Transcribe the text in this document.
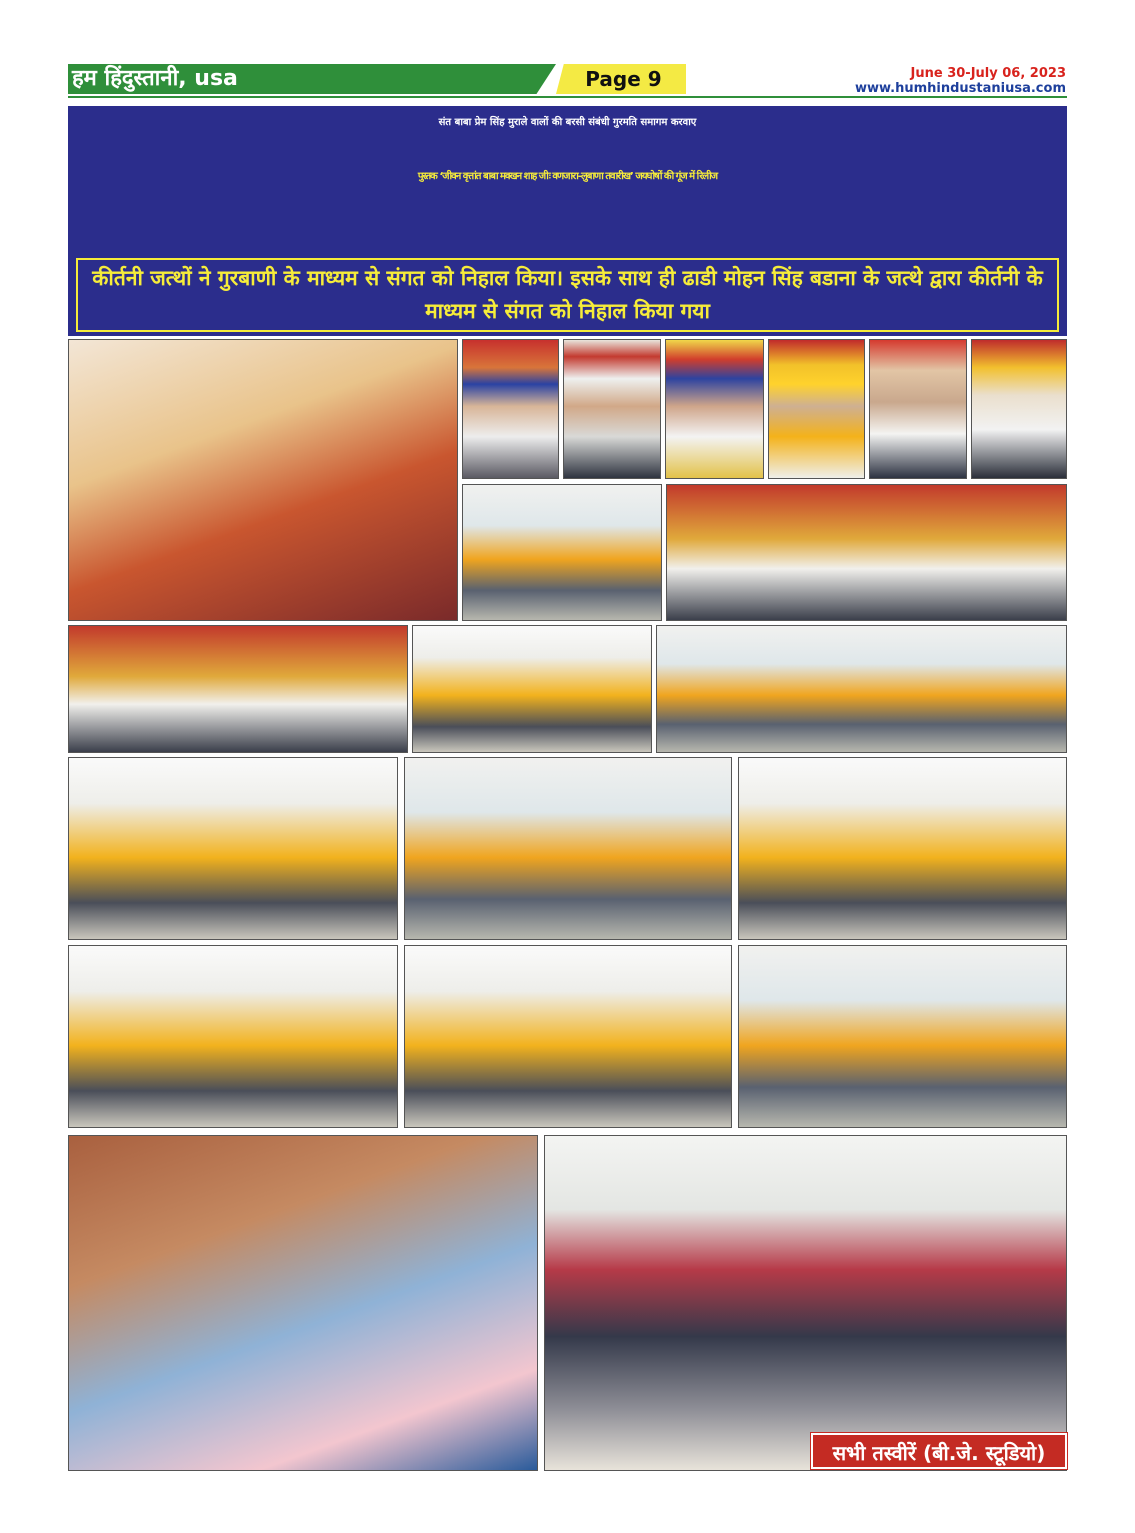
हम हिंदुस्तानी, usa	Page 9	June 30-July 06, 2023
www.humhindustaniusa.com
संत बाबा प्रेम सिंह मुराले वालों की बरसी संबंधी गुरमति समागम करवाए
पुस्तक ‘जीवन वृत्तांत बाबा मक्खन शाह जीः वणजारा-लुबाणा तवारीख’ जयघोषों की गूंज में रिलीज
कीर्तनी जत्थों ने गुरबाणी के माध्यम से संगत को निहाल किया। इसके साथ ही ढाडी मोहन सिंह बडाना के जत्थे द्वारा कीर्तनी के माध्यम से संगत को निहाल किया गया
सभी तस्वीरें (बी.जे. स्टूडियो)
